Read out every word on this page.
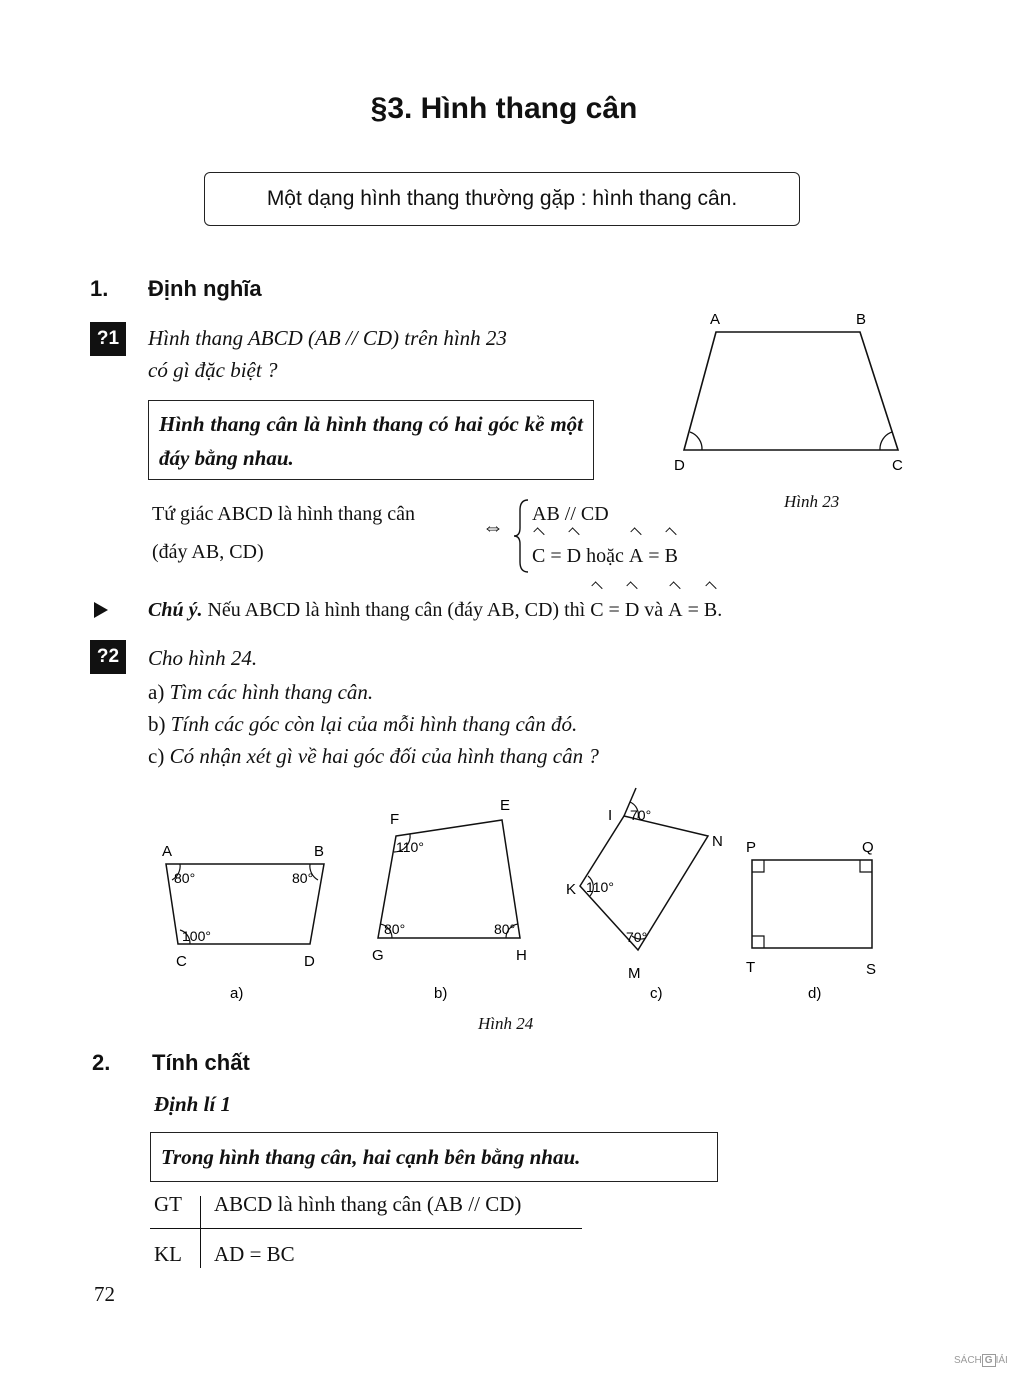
§3. Hình thang cân
Một dạng hình thang thường gặp : hình thang cân.
1. Định nghĩa
?1	Hình thang ABCD (AB // CD) trên hình 23
có gì đặc biệt ?
Hình thang cân là hình thang có hai góc kề một đáy bằng nhau.
A	B
D	C
Hình 23
Tứ giác ABCD là hình thang cân
(đáy AB, CD)
⇔ AB // CD
C = D hoặc A = B
Chú ý. Nếu ABCD là hình thang cân (đáy AB, CD) thì C = D và A = B.
?2	Cho hình 24.
a) Tìm các hình thang cân.
b) Tính các góc còn lại của mỗi hình thang cân đó.
c) Có nhận xét gì về hai góc đối của hình thang cân ?
A	B
C	D
80°	80°
100°
a)
F
E
G	H
110°
80°	80°
b)
I
N
K
M
70°
110°
70°
c)
P	Q
T	S
d)
Hình 24
2. Tính chất
Định lí 1
Trong hình thang cân, hai cạnh bên bằng nhau.
GT ABCD là hình thang cân (AB // CD)
KL AD = BC
72
SÁCH G IẢI
